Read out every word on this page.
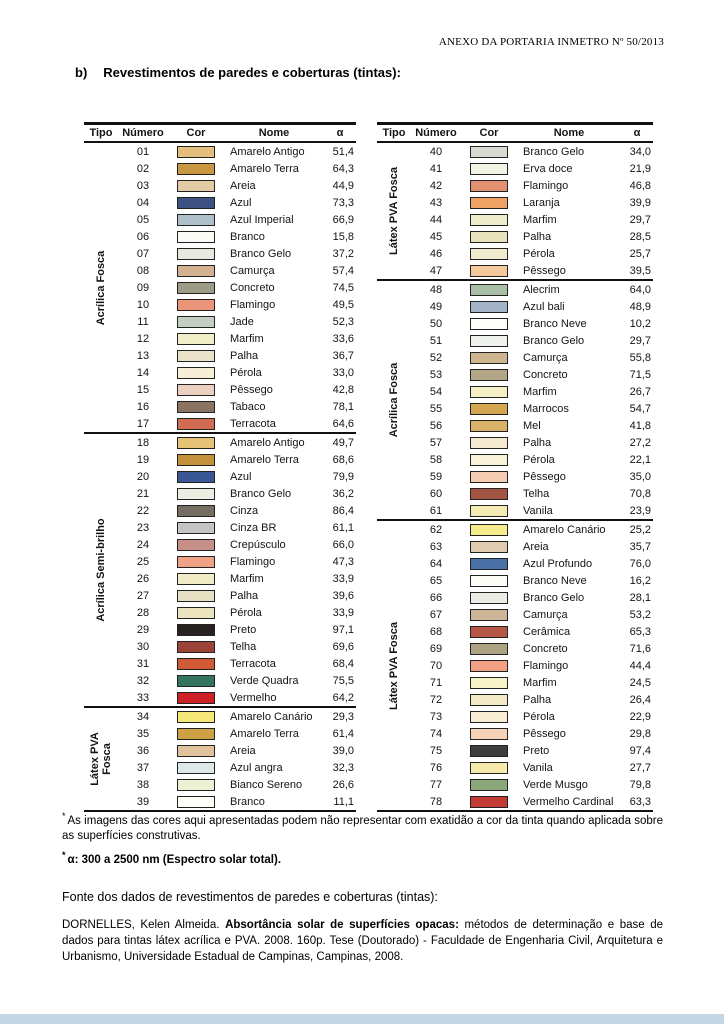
ANEXO DA PORTARIA INMETRO Nº 50/2013
b) Revestimentos de paredes e coberturas (tintas):
Tipo Número	Cor	Nome	α
Acrílica Fosca
01	Amarelo Antigo	51,4
02	Amarelo Terra	64,3
03	Areia	44,9
04	Azul	73,3
05	Azul Imperial	66,9
06	Branco	15,8
07	Branco Gelo	37,2
08	Camurça	57,4
09	Concreto	74,5
10	Flamingo	49,5
11	Jade	52,3
12	Marfim	33,6
13	Palha	36,7
14	Pérola	33,0
15	Pêssego	42,8
16	Tabaco	78,1
17	Terracota	64,6
Acrílica Semi-brilho
18	Amarelo Antigo	49,7
19	Amarelo Terra	68,6
20	Azul	79,9
21	Branco Gelo	36,2
22	Cinza	86,4
23	Cinza BR	61,1
24	Crepúsculo	66,0
25	Flamingo	47,3
26	Marfim	33,9
27	Palha	39,6
28	Pérola	33,9
29	Preto	97,1
30	Telha	69,6
31	Terracota	68,4
32	Verde Quadra	75,5
33	Vermelho	64,2
Látex PVA
Fosca
34	Amarelo Canário	29,3
35	Amarelo Terra	61,4
36	Areia	39,0
37	Azul angra	32,3
38	Bianco Sereno	26,6
39	Branco	11,1
Tipo Número	Cor	Nome	α
Látex PVA Fosca
40	Branco Gelo	34,0
41	Erva doce	21,9
42	Flamingo	46,8
43	Laranja	39,9
44	Marfim	29,7
45	Palha	28,5
46	Pérola	25,7
47	Pêssego	39,5
Acrílica Fosca
48	Alecrim	64,0
49	Azul bali	48,9
50	Branco Neve	10,2
51	Branco Gelo	29,7
52	Camurça	55,8
53	Concreto	71,5
54	Marfim	26,7
55	Marrocos	54,7
56	Mel	41,8
57	Palha	27,2
58	Pérola	22,1
59	Pêssego	35,0
60	Telha	70,8
61	Vanila	23,9
Látex PVA Fosca
62	Amarelo Canário	25,2
63	Areia	35,7
64	Azul Profundo	76,0
65	Branco Neve	16,2
66	Branco Gelo	28,1
67	Camurça	53,2
68	Cerâmica	65,3
69	Concreto	71,6
70	Flamingo	44,4
71	Marfim	24,5
72	Palha	26,4
73	Pérola	22,9
74	Pêssego	29,8
75	Preto	97,4
76	Vanila	27,7
77	Verde Musgo	79,8
78	Vermelho Cardinal	63,3
* As imagens das cores aqui apresentadas podem não representar com exatidão a cor da tinta quando aplicada sobre as superfícies construtivas.
* α: 300 a 2500 nm (Espectro solar total).
Fonte dos dados de revestimentos de paredes e coberturas (tintas):
DORNELLES, Kelen Almeida. Absortância solar de superfícies opacas: métodos de determinação e base de dados para tintas látex acrílica e PVA. 2008. 160p. Tese (Doutorado) - Faculdade de Engenharia Civil, Arquitetura e Urbanismo, Universidade Estadual de Campinas, Campinas, 2008.
